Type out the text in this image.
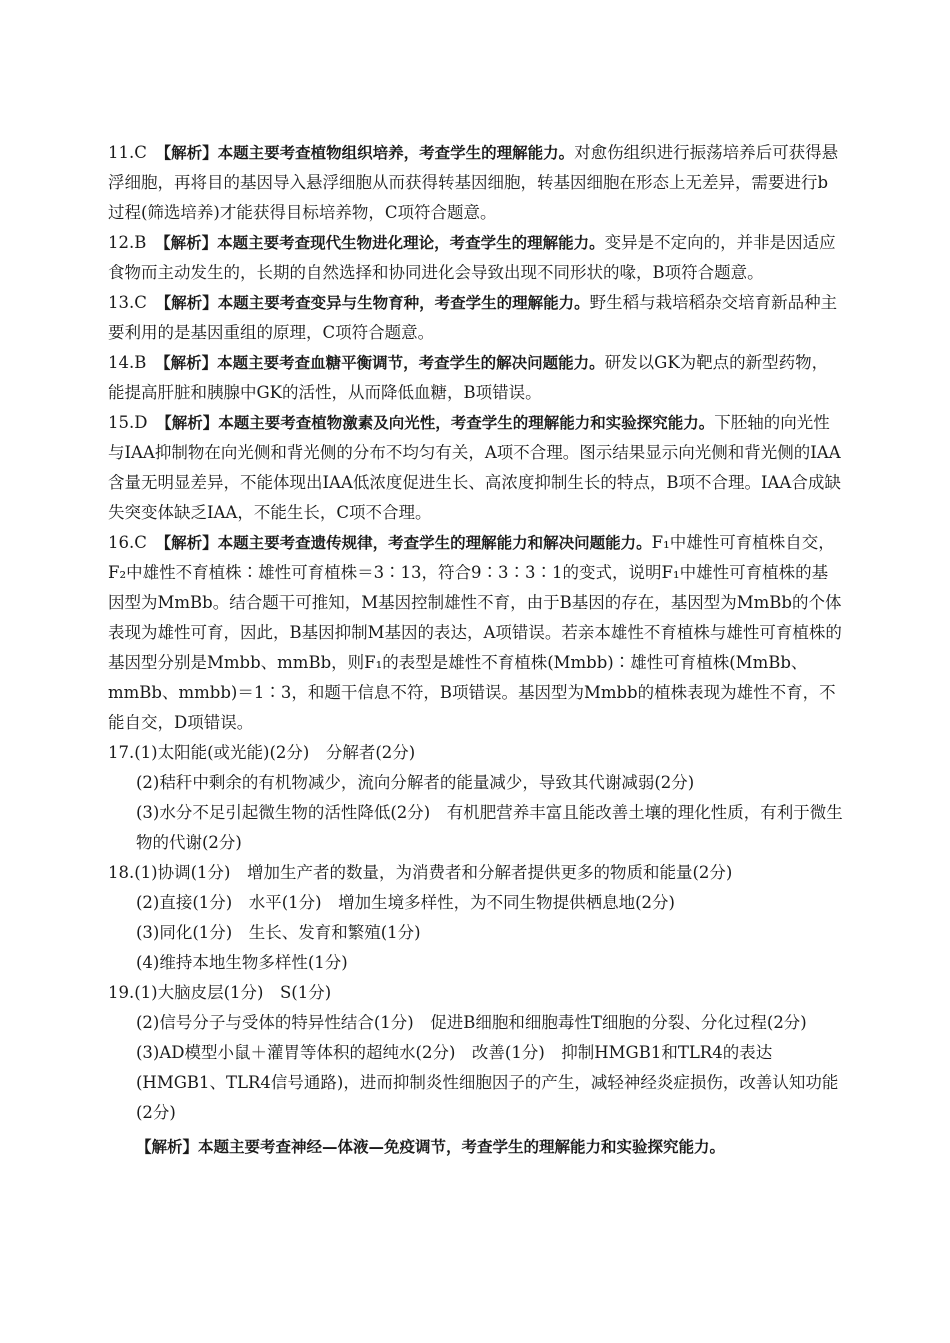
11.C　 【解析】本题主要考查植物组织培养，考查学生的理解能力。对愈伤组织进行振荡培养后可获得悬浮细胞，再将目的基因导入悬浮细胞从而获得转基因细胞，转基因细胞在形态上无差异，需要进行b过程(筛选培养)才能获得目标培养物，C项符合题意。
12.B　 【解析】本题主要考查现代生物进化理论，考查学生的理解能力。变异是不定向的，并非是因适应食物而主动发生的，长期的自然选择和协同进化会导致出现不同形状的喙，B项符合题意。
13.C　 【解析】本题主要考查变异与生物育种，考查学生的理解能力。野生稻与栽培稻杂交培育新品种主要利用的是基因重组的原理，C项符合题意。
14.B　 【解析】本题主要考查血糖平衡调节，考查学生的解决问题能力。研发以GK为靶点的新型药物，能提高肝脏和胰腺中GK的活性，从而降低血糖，B项错误。
15.D　 【解析】本题主要考查植物激素及向光性，考查学生的理解能力和实验探究能力。下胚轴的向光性与IAA抑制物在向光侧和背光侧的分布不均匀有关，A项不合理。图示结果显示向光侧和背光侧的IAA含量无明显差异，不能体现出IAA低浓度促进生长、高浓度抑制生长的特点，B项不合理。IAA合成缺失突变体缺乏IAA，不能生长，C项不合理。
16.C　 【解析】本题主要考查遗传规律，考查学生的理解能力和解决问题能力。F₁中雄性可育植株自交，F₂中雄性不育植株∶雄性可育植株＝3∶13，符合9∶3∶3∶1的变式，说明F₁中雄性可育植株的基因型为MmBb。结合题干可推知，M基因控制雄性不育，由于B基因的存在，基因型为MmBb的个体表现为雄性可育，因此，B基因抑制M基因的表达，A项错误。若亲本雄性不育植株与雄性可育植株的基因型分别是Mmbb、mmBb，则F₁的表型是雄性不育植株(Mmbb)∶雄性可育植株(MmBb、mmBb、mmbb)＝1∶3，和题干信息不符，B项错误。基因型为Mmbb的植株表现为雄性不育，不能自交，D项错误。
17.(1)太阳能(或光能)(2分)　分解者(2分)
(2)秸秆中剩余的有机物减少，流向分解者的能量减少，导致其代谢减弱(2分)
(3)水分不足引起微生物的活性降低(2分)　有机肥营养丰富且能改善土壤的理化性质，有利于微生物的代谢(2分)
18.(1)协调(1分)　增加生产者的数量，为消费者和分解者提供更多的物质和能量(2分)
(2)直接(1分)　水平(1分)　增加生境多样性，为不同生物提供栖息地(2分)
(3)同化(1分)　生长、发育和繁殖(1分)
(4)维持本地生物多样性(1分)
19.(1)大脑皮层(1分)　S(1分)
(2)信号分子与受体的特异性结合(1分)　促进B细胞和细胞毒性T细胞的分裂、分化过程(2分)
(3)AD模型小鼠＋灌胃等体积的超纯水(2分)　改善(1分)　抑制HMGB1和TLR4的表达(HMGB1、TLR4信号通路)，进而抑制炎性细胞因子的产生，减轻神经炎症损伤，改善认知功能(2分)
【解析】本题主要考查神经—体液—免疫调节，考查学生的理解能力和实验探究能力。
